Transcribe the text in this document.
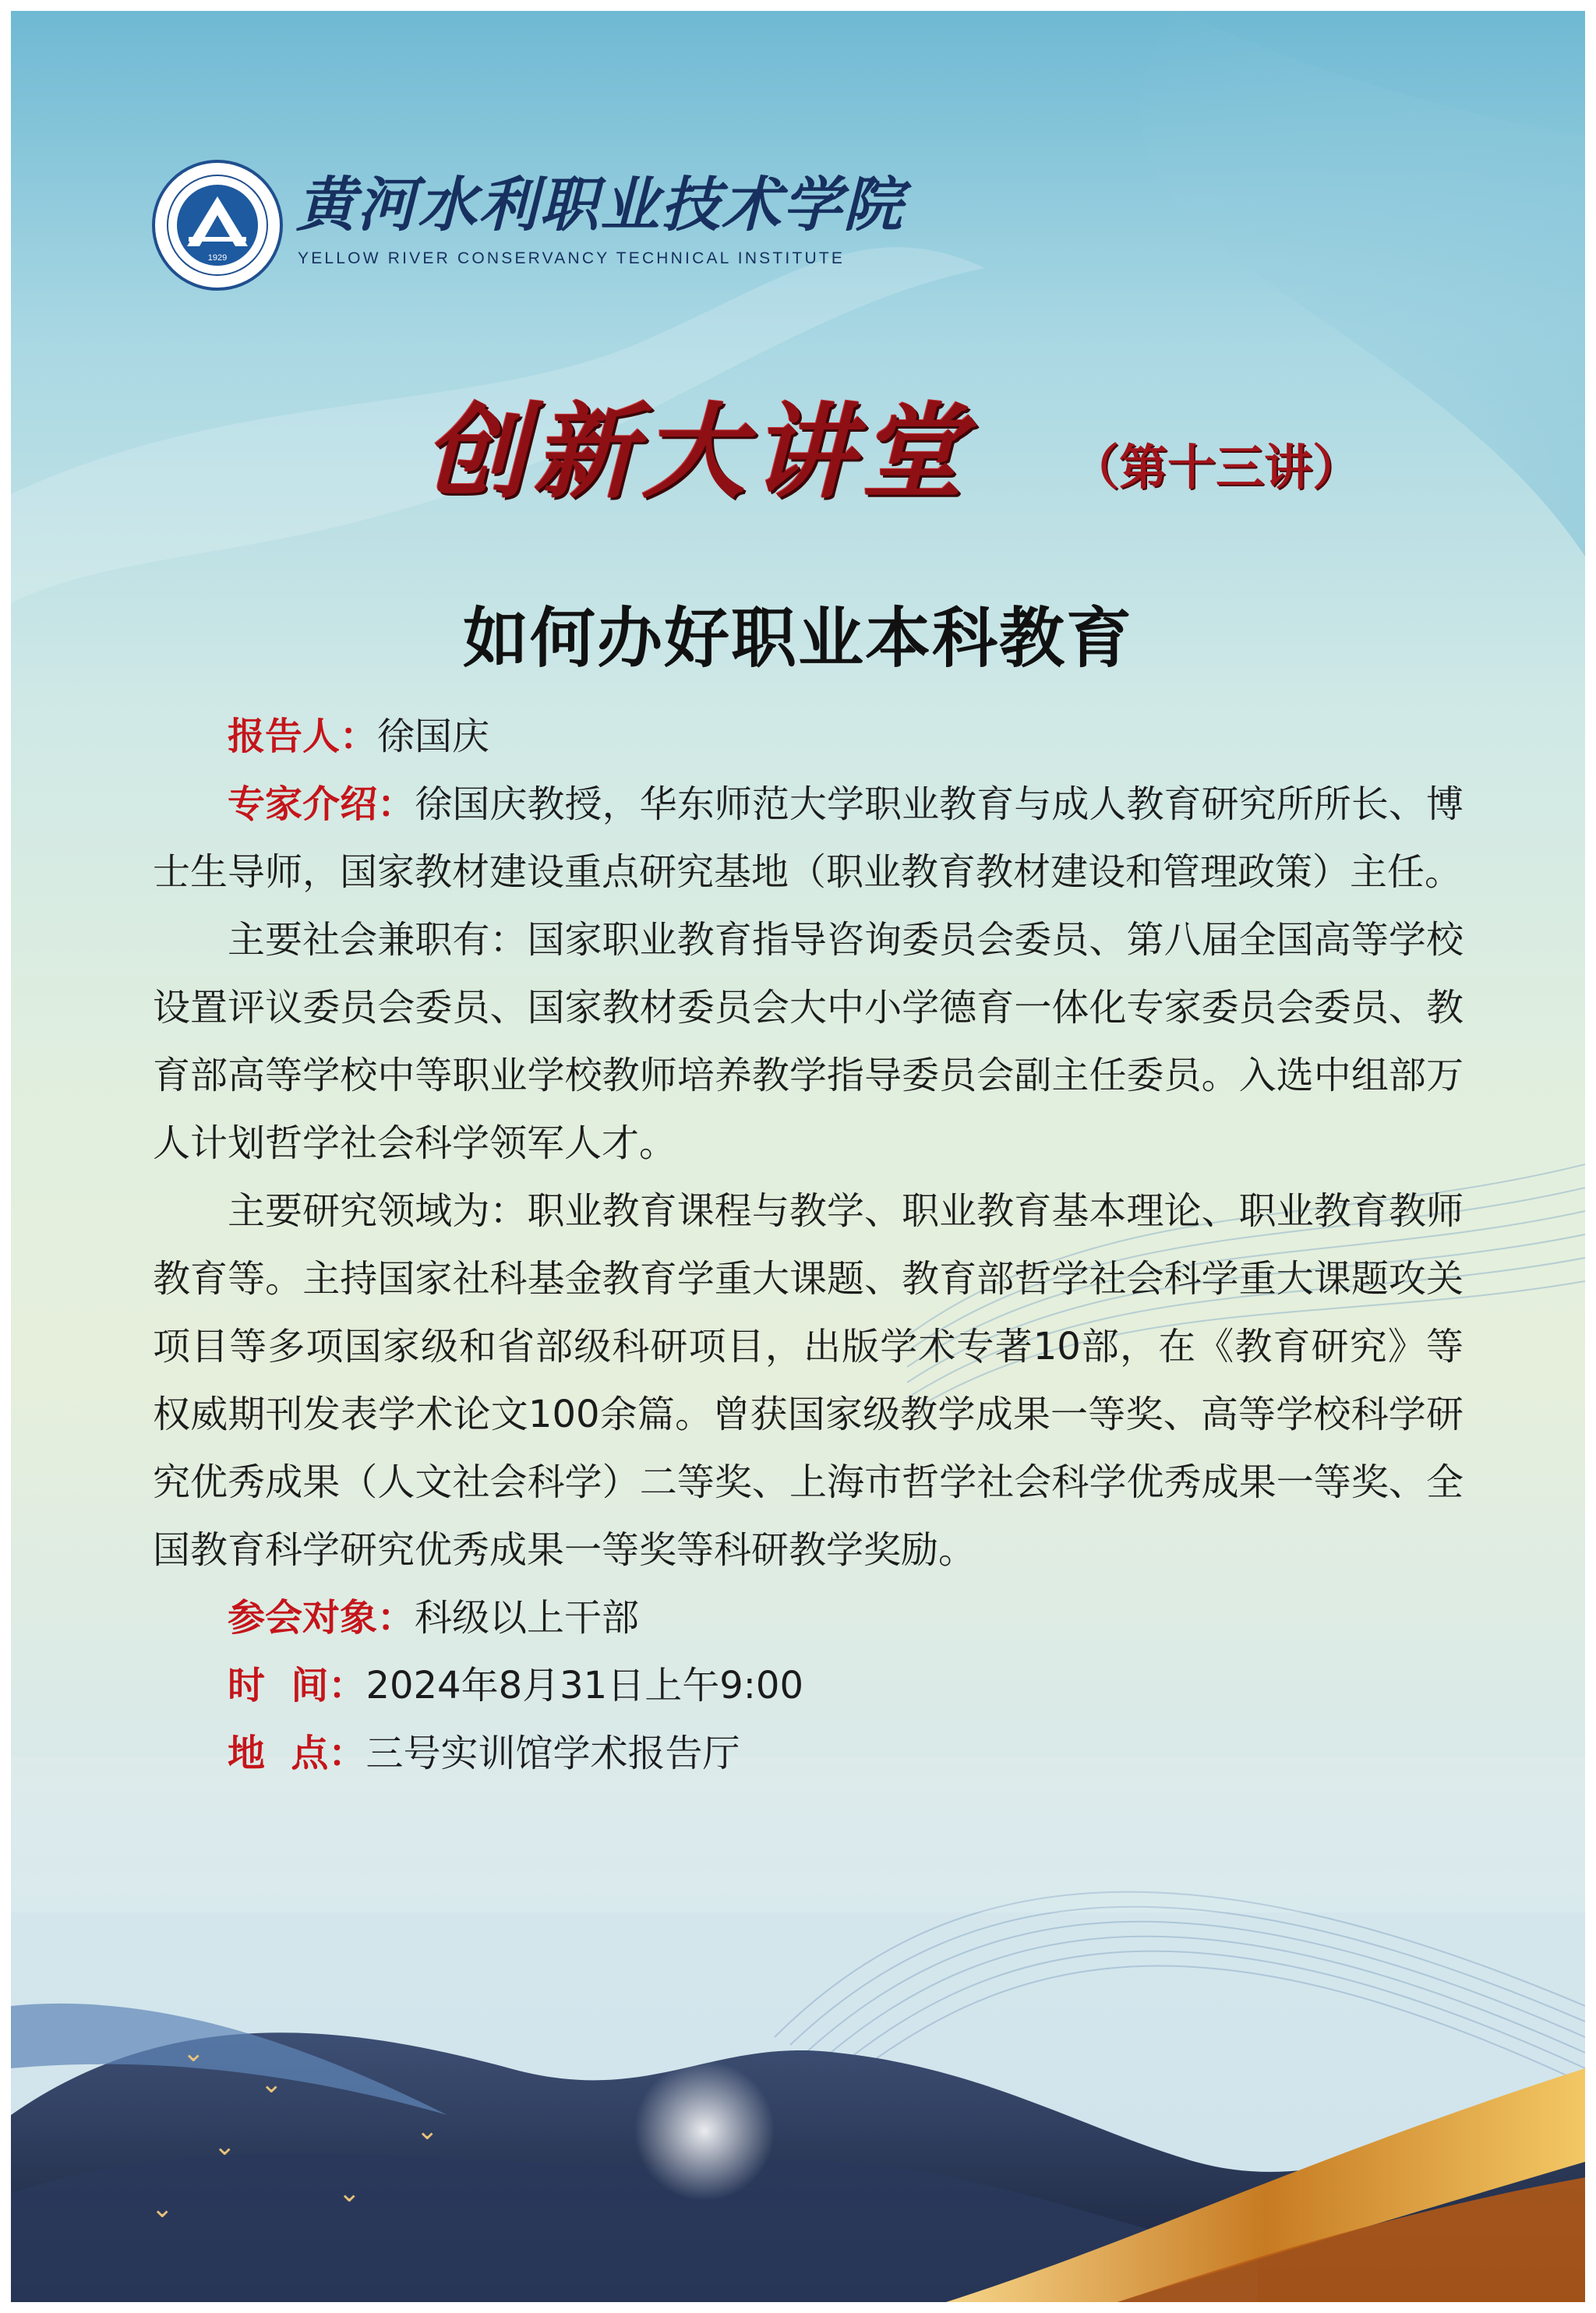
⌄
⌄
⌄
⌄
⌄
⌄
1929
黄河水利职业技术学院
YELLOW RIVER CONSERVANCY TECHNICAL INSTITUTE
创新大讲堂 （第十三讲）
如何办好职业本科教育
报告人：徐国庆

专家介绍：徐国庆教授，华东师范大学职业教育与成人教育研究所所长、博士生导师，国家教材建设重点研究基地（职业教育教材建设和管理政策）主任。

主要社会兼职有：国家职业教育指导咨询委员会委员、第八届全国高等学校设置评议委员会委员、国家教材委员会大中小学德育一体化专家委员会委员、教育部高等学校中等职业学校教师培养教学指导委员会副主任委员。入选中组部万人计划哲学社会科学领军人才。

主要研究领域为：职业教育课程与教学、职业教育基本理论、职业教育教师教育等。主持国家社科基金教育学重大课题、教育部哲学社会科学重大课题攻关项目等多项国家级和省部级科研项目，出版学术专著10部，在《教育研究》等权威期刊发表学术论文100余篇。曾获国家级教学成果一等奖、高等学校科学研究优秀成果（人文社会科学）二等奖、上海市哲学社会科学优秀成果一等奖、全国教育科学研究优秀成果一等奖等科研教学奖励。

参会对象：科级以上干部
时  间：2024年8月31日上午9:00
地  点：三号实训馆学术报告厅
